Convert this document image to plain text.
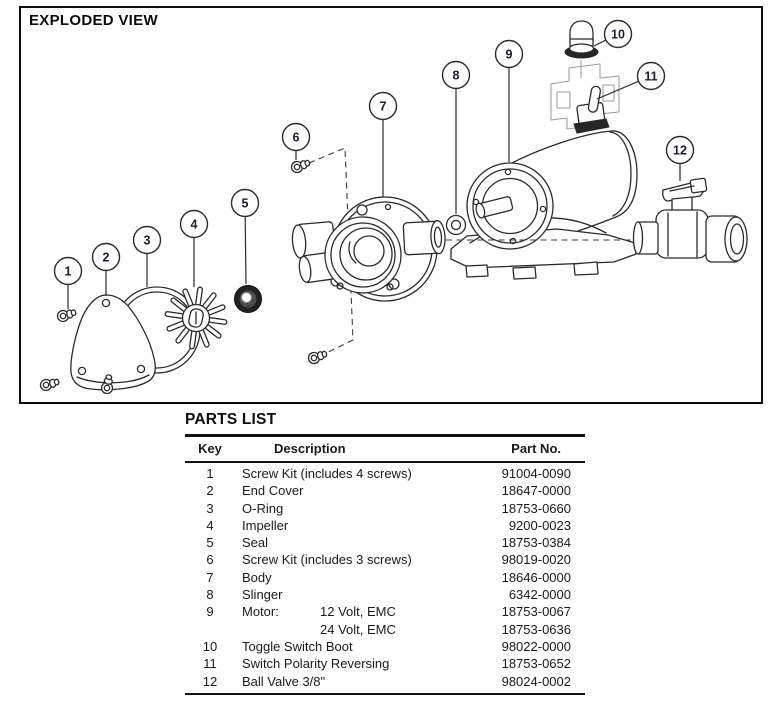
EXPLODED VIEW
1
2
3
4
5
6
7
8
9
10
11
12
PARTS LIST
Key	Description	Part No.
1	Screw Kit (includes 4 screws)	91004-0090
2	End Cover	18647-0000
3	O-Ring	18753-0660
4	Impeller	9200-0023
5	Seal	18753-0384
6	Screw Kit (includes 3 screws)	98019-0020
7	Body	18646-0000
8	Slinger	6342-0000
9	Motor:	12 Volt, EMC	18753-0067
24 Volt, EMC	18753-0636
10	Toggle Switch Boot	98022-0000
11	Switch Polarity Reversing	18753-0652
12	Ball Valve 3/8"	98024-0002
